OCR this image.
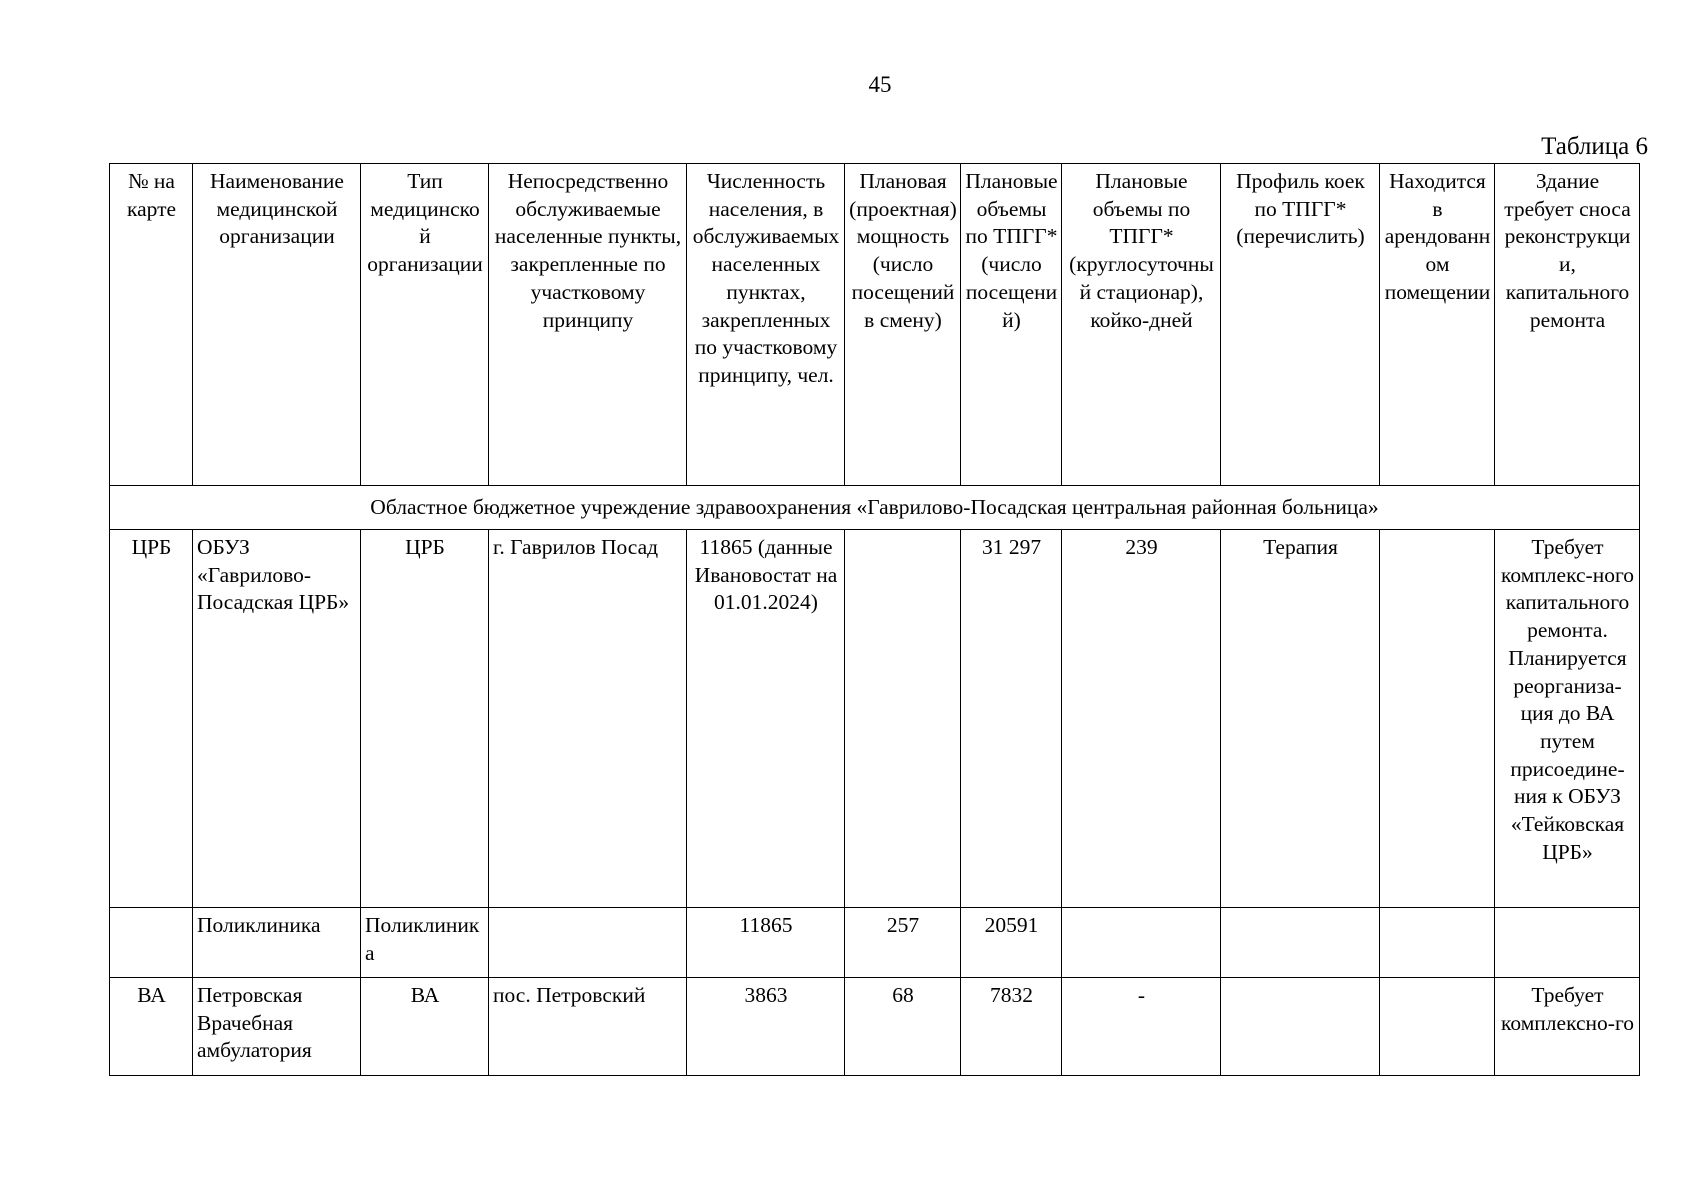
45
Таблица 6
№ на карте	Наименование медицинской организации	Тип медицинской организации	Непосредственно обслуживаемые населенные пункты, закрепленные по участковому принципу	Численность населения, в обслуживаемых населенных пунктах, закрепленных по участковому принципу, чел.	Плановая (проектная) мощность (число посещений в смену)	Плановые объемы по ТПГГ* (число посещений)	Плановые объемы по ТПГГ* (круглосуточный стационар), койко-дней	Профиль коек по ТПГГ* (перечислить)	Находится в арендованном помещении	Здание требует сноса реконструкции, капитального ремонта
Областное бюджетное учреждение здравоохранения «Гаврилово-Посадская центральная районная больница»										
ЦРБ	ОБУЗ «Гаврилово-Посадская ЦРБ»	ЦРБ	г. Гаврилов Посад	11865 (данные Ивановостат на 01.01.2024)		31 297	239	Терапия		Требует комплекс-ного капитального ремонта. Планируется реорганиза-ция до ВА путем присоедине-ния к ОБУЗ «Тейковская ЦРБ»
	Поликлиника	Поликлиника		11865	257	20591				
ВА	Петровская Врачебная амбулатория	ВА	пос. Петровский	3863	68	7832	-			Требует комплексно-го
